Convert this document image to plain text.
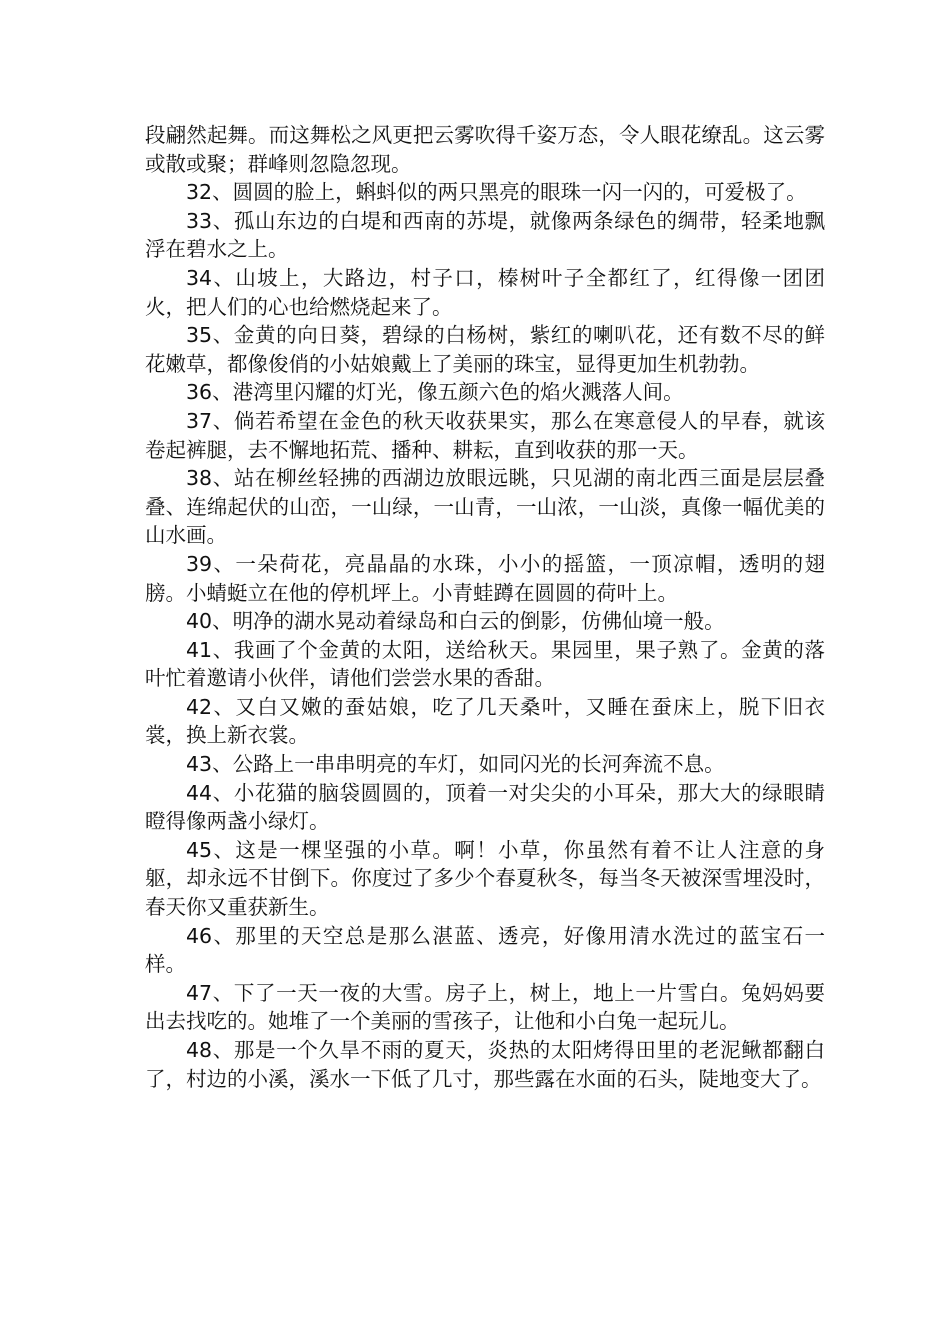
段翩然起舞。而这舞松之风更把云雾吹得千姿万态，令人眼花缭乱。这云雾或散或聚；群峰则忽隐忽现。

32、圆圆的脸上，蝌蚪似的两只黑亮的眼珠一闪一闪的，可爱极了。

33、孤山东边的白堤和西南的苏堤，就像两条绿色的绸带，轻柔地飘浮在碧水之上。

34、山坡上，大路边，村子口，榛树叶子全都红了，红得像一团团火，把人们的心也给燃烧起来了。

35、金黄的向日葵，碧绿的白杨树，紫红的喇叭花，还有数不尽的鲜花嫩草，都像俊俏的小姑娘戴上了美丽的珠宝，显得更加生机勃勃。

36、港湾里闪耀的灯光，像五颜六色的焰火溅落人间。

37、倘若希望在金色的秋天收获果实，那么在寒意侵人的早春，就该卷起裤腿，去不懈地拓荒、播种、耕耘，直到收获的那一天。

38、站在柳丝轻拂的西湖边放眼远眺，只见湖的南北西三面是层层叠叠、连绵起伏的山峦，一山绿，一山青，一山浓，一山淡，真像一幅优美的山水画。

39、一朵荷花，亮晶晶的水珠，小小的摇篮，一顶凉帽，透明的翅膀。小蜻蜓立在他的停机坪上。小青蛙蹲在圆圆的荷叶上。

40、明净的湖水晃动着绿岛和白云的倒影，仿佛仙境一般。

41、我画了个金黄的太阳，送给秋天。果园里，果子熟了。金黄的落叶忙着邀请小伙伴，请他们尝尝水果的香甜。

42、又白又嫩的蚕姑娘，吃了几天桑叶，又睡在蚕床上，脱下旧衣裳，换上新衣裳。

43、公路上一串串明亮的车灯，如同闪光的长河奔流不息。

44、小花猫的脑袋圆圆的，顶着一对尖尖的小耳朵，那大大的绿眼睛瞪得像两盏小绿灯。

45、这是一棵坚强的小草。啊！小草，你虽然有着不让人注意的身躯，却永远不甘倒下。你度过了多少个春夏秋冬，每当冬天被深雪埋没时，春天你又重获新生。

46、那里的天空总是那么湛蓝、透亮，好像用清水洗过的蓝宝石一样。

47、下了一天一夜的大雪。房子上，树上，地上一片雪白。兔妈妈要出去找吃的。她堆了一个美丽的雪孩子，让他和小白兔一起玩儿。

48、那是一个久旱不雨的夏天，炎热的太阳烤得田里的老泥鳅都翻白了，村边的小溪，溪水一下低了几寸，那些露在水面的石头，陡地变大了。
